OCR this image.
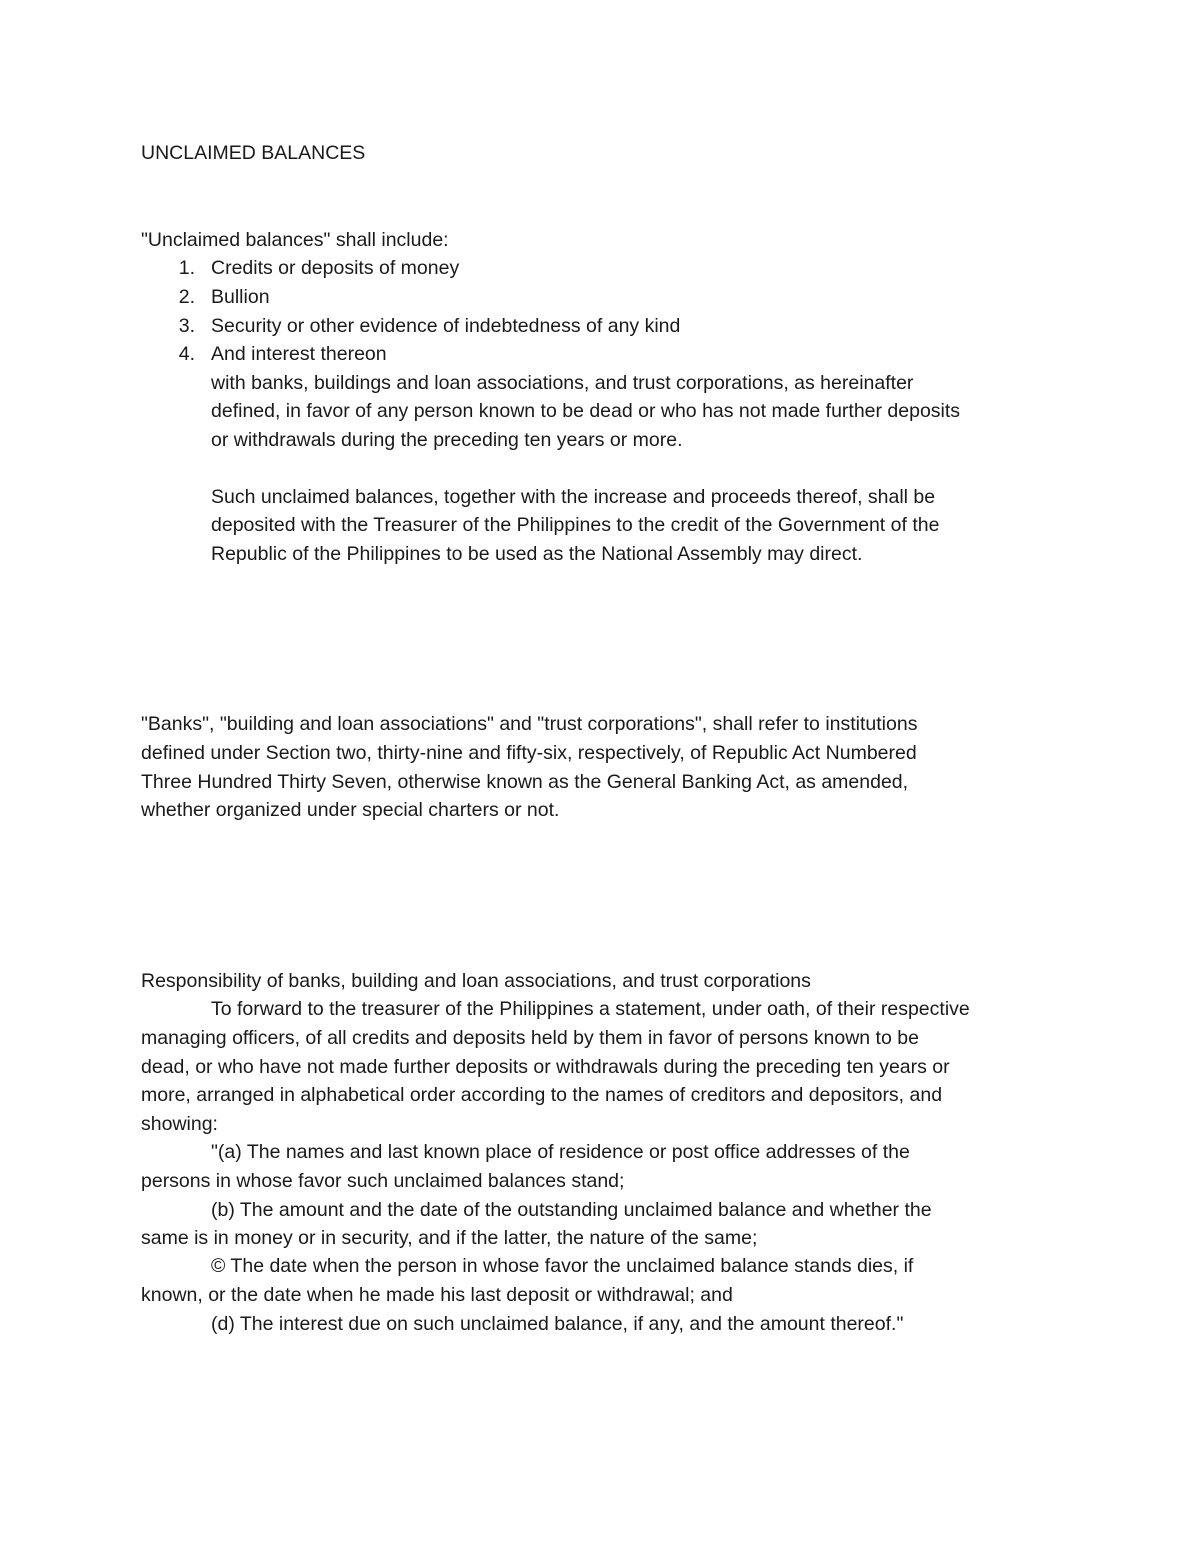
UNCLAIMED BALANCES
"Unclaimed balances" shall include:
1. Credits or deposits of money
2. Bullion
3. Security or other evidence of indebtedness of any kind
4. And interest thereon
with banks, buildings and loan associations, and trust corporations, as hereinafter
defined, in favor of any person known to be dead or who has not made further deposits
or withdrawals during the preceding ten years or more.
Such unclaimed balances, together with the increase and proceeds thereof, shall be
deposited with the Treasurer of the Philippines to the credit of the Government of the
Republic of the Philippines to be used as the National Assembly may direct.
"Banks", "building and loan associations" and "trust corporations", shall refer to institutions
defined under Section two, thirty-nine and fifty-six, respectively, of Republic Act Numbered
Three Hundred Thirty Seven, otherwise known as the General Banking Act, as amended,
whether organized under special charters or not.
Responsibility of banks, building and loan associations, and trust corporations
To forward to the treasurer of the Philippines a statement, under oath, of their respective
managing officers, of all credits and deposits held by them in favor of persons known to be
dead, or who have not made further deposits or withdrawals during the preceding ten years or
more, arranged in alphabetical order according to the names of creditors and depositors, and
showing:
"(a) The names and last known place of residence or post office addresses of the
persons in whose favor such unclaimed balances stand;
(b) The amount and the date of the outstanding unclaimed balance and whether the
same is in money or in security, and if the latter, the nature of the same;
© The date when the person in whose favor the unclaimed balance stands dies, if
known, or the date when he made his last deposit or withdrawal; and
(d) The interest due on such unclaimed balance, if any, and the amount thereof."
